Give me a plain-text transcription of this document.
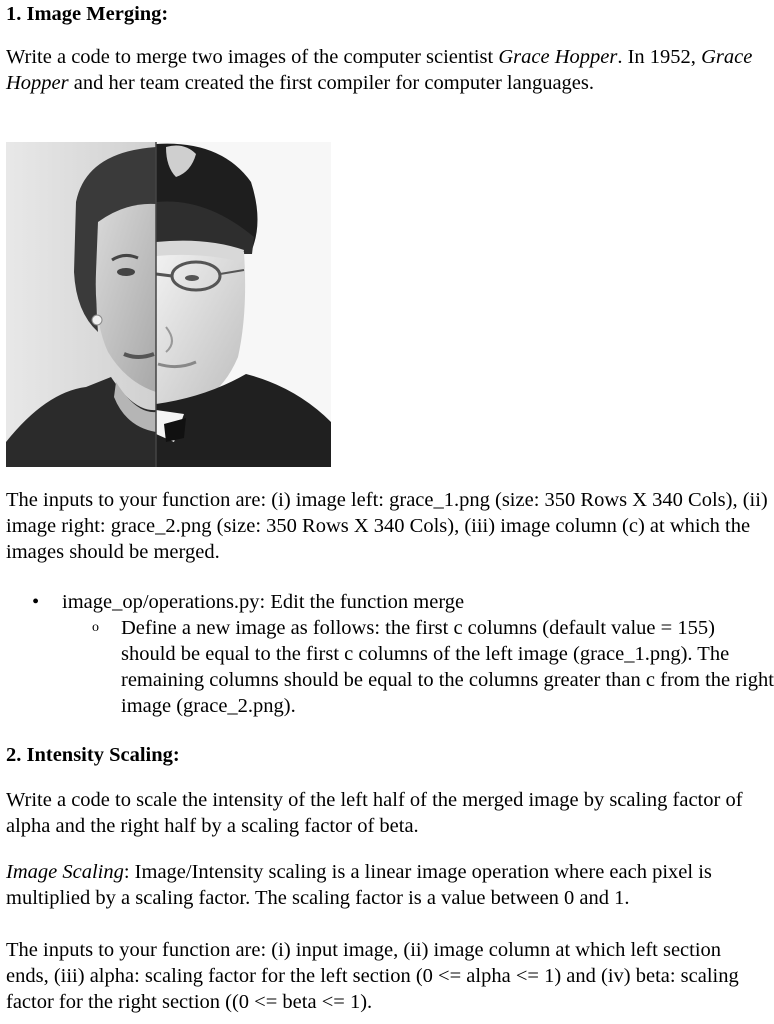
1. Image Merging:

Write a code to merge two images of the computer scientist Grace Hopper. In 1952, Grace Hopper and her team created the first compiler for computer languages.

The inputs to your function are: (i) image left: grace_1.png (size: 350 Rows X 340 Cols), (ii) image right: grace_2.png (size: 350 Rows X 340 Cols), (iii) image column (c) at which the images should be merged.

• image_op/operations.py: Edit the function merge
o Define a new image as follows: the first c columns (default value = 155) should be equal to the first c columns of the left image (grace_1.png). The remaining columns should be equal to the columns greater than c from the right image (grace_2.png).
2. Intensity Scaling:

Write a code to scale the intensity of the left half of the merged image by scaling factor of alpha and the right half by a scaling factor of beta.

Image Scaling: Image/Intensity scaling is a linear image operation where each pixel is multiplied by a scaling factor. The scaling factor is a value between 0 and 1.

The inputs to your function are: (i) input image, (ii) image column at which left section ends, (iii) alpha: scaling factor for the left section (0 <= alpha <= 1) and (iv) beta: scaling factor for the right section ((0 <= beta <= 1).
